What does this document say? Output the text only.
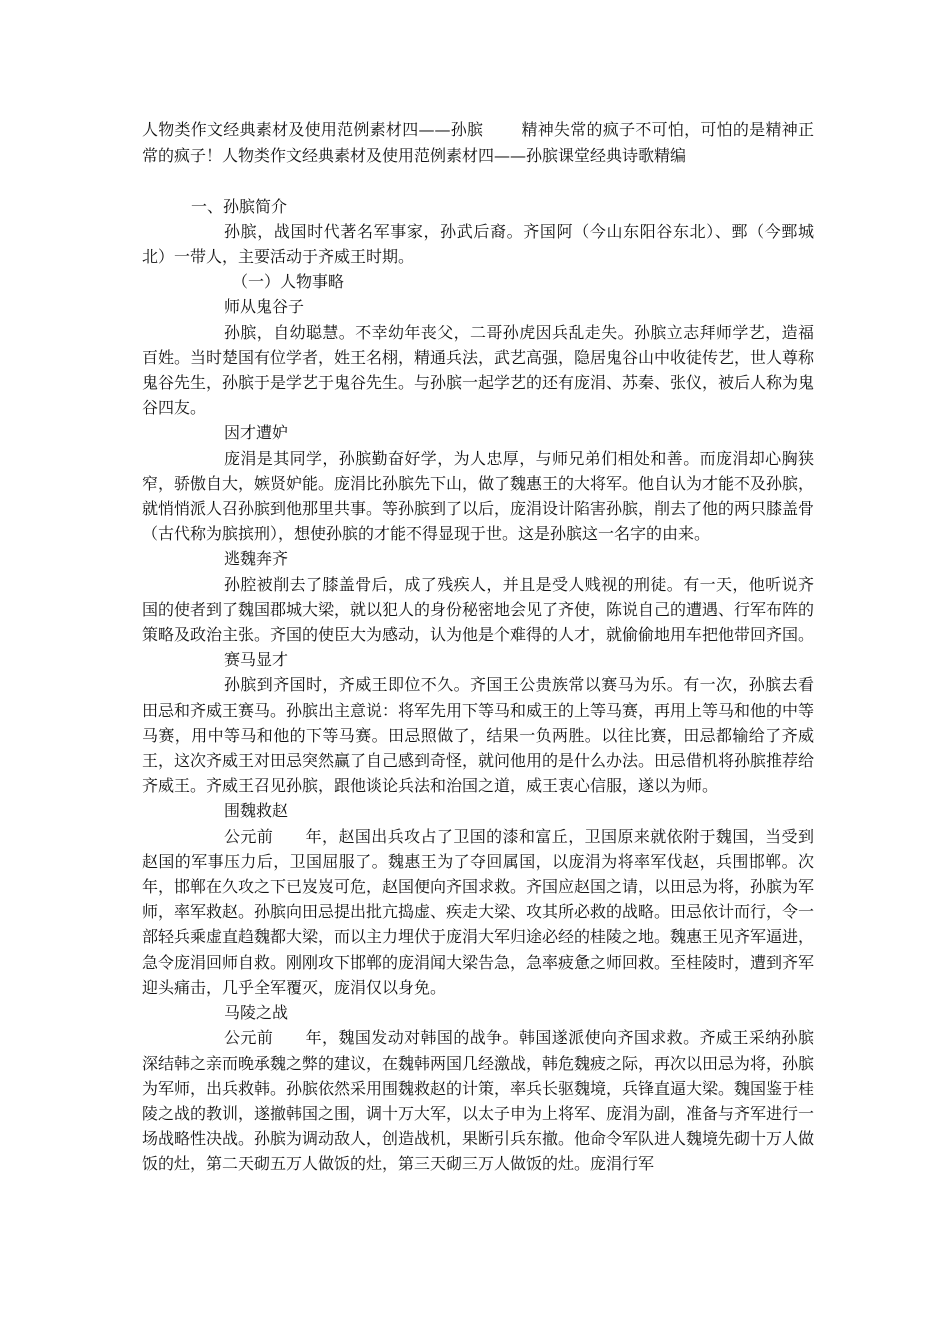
人物类作文经典素材及使用范例素材四——孙膑 精神失常的疯子不可怕，可怕的是精神正常的疯子！人物类作文经典素材及使用范例素材四——孙膑课堂经典诗歌精编

一、孙膑简介

孙膑，战国时代著名军事家，孙武后裔。齐国阿（今山东阳谷东北）、鄄（今鄄城北）一带人，主要活动于齐威王时期。

（一）人物事略

师从鬼谷子

孙膑，自幼聪慧。不幸幼年丧父，二哥孙虎因兵乱走失。孙膑立志拜师学艺，造福百姓。当时楚国有位学者，姓王名栩，精通兵法，武艺高强，隐居鬼谷山中收徒传艺，世人尊称鬼谷先生，孙膑于是学艺于鬼谷先生。与孙膑一起学艺的还有庞涓、苏秦、张仪，被后人称为鬼谷四友。

因才遭妒

庞涓是其同学，孙膑勤奋好学，为人忠厚，与师兄弟们相处和善。而庞涓却心胸狭窄，骄傲自大，嫉贤妒能。庞涓比孙膑先下山，做了魏惠王的大将军。他自认为才能不及孙膑，就悄悄派人召孙膑到他那里共事。等孙膑到了以后，庞涓设计陷害孙膑，削去了他的两只膝盖骨（古代称为膑摈刑），想使孙膑的才能不得显现于世。这是孙膑这一名字的由来。

逃魏奔齐

孙腔被削去了膝盖骨后，成了残疾人，并且是受人贱视的刑徒。有一天，他听说齐国的使者到了魏国郡城大梁，就以犯人的身份秘密地会见了齐使，陈说自己的遭遇、行军布阵的策略及政治主张。齐国的使臣大为感动，认为他是个难得的人才，就偷偷地用车把他带回齐国。

赛马显才

孙膑到齐国时，齐威王即位不久。齐国王公贵族常以赛马为乐。有一次，孙膑去看田忌和齐威王赛马。孙膑出主意说：将军先用下等马和威王的上等马赛，再用上等马和他的中等马赛，用中等马和他的下等马赛。田忌照做了，结果一负两胜。以往比赛，田忌都输给了齐威王，这次齐威王对田忌突然赢了自己感到奇怪，就问他用的是什么办法。田忌借机将孙膑推荐给齐威王。齐威王召见孙膑，跟他谈论兵法和治国之道，威王衷心信服，遂以为师。

围魏救赵

公元前 年，赵国出兵攻占了卫国的漆和富丘，卫国原来就依附于魏国，当受到赵国的军事压力后，卫国屈服了。魏惠王为了夺回属国，以庞涓为将率军伐赵，兵围邯郸。次年，邯郸在久攻之下已岌岌可危，赵国便向齐国求救。齐国应赵国之请，以田忌为将，孙膑为军师，率军救赵。孙膑向田忌提出批亢捣虚、疾走大梁、攻其所必救的战略。田忌依计而行，令一部轻兵乘虚直趋魏都大梁，而以主力埋伏于庞涓大军归途必经的桂陵之地。魏惠王见齐军逼进，急令庞涓回师自救。刚刚攻下邯郸的庞涓闻大梁告急，急率疲惫之师回救。至桂陵时，遭到齐军迎头痛击，几乎全军覆灭，庞涓仅以身免。

马陵之战

公元前 年，魏国发动对韩国的战争。韩国遂派使向齐国求救。齐威王采纳孙膑深结韩之亲而晚承魏之弊的建议，在魏韩两国几经激战，韩危魏疲之际，再次以田忌为将，孙膑为军师，出兵救韩。孙膑依然采用围魏救赵的计策，率兵长驱魏境，兵锋直逼大梁。魏国鉴于桂陵之战的教训，遂撤韩国之围，调十万大军，以太子申为上将军、庞涓为副，准备与齐军进行一场战略性决战。孙膑为调动敌人，创造战机，果断引兵东撤。他命令军队进人魏境先砌十万人做饭的灶，第二天砌五万人做饭的灶，第三天砌三万人做饭的灶。庞涓行军
